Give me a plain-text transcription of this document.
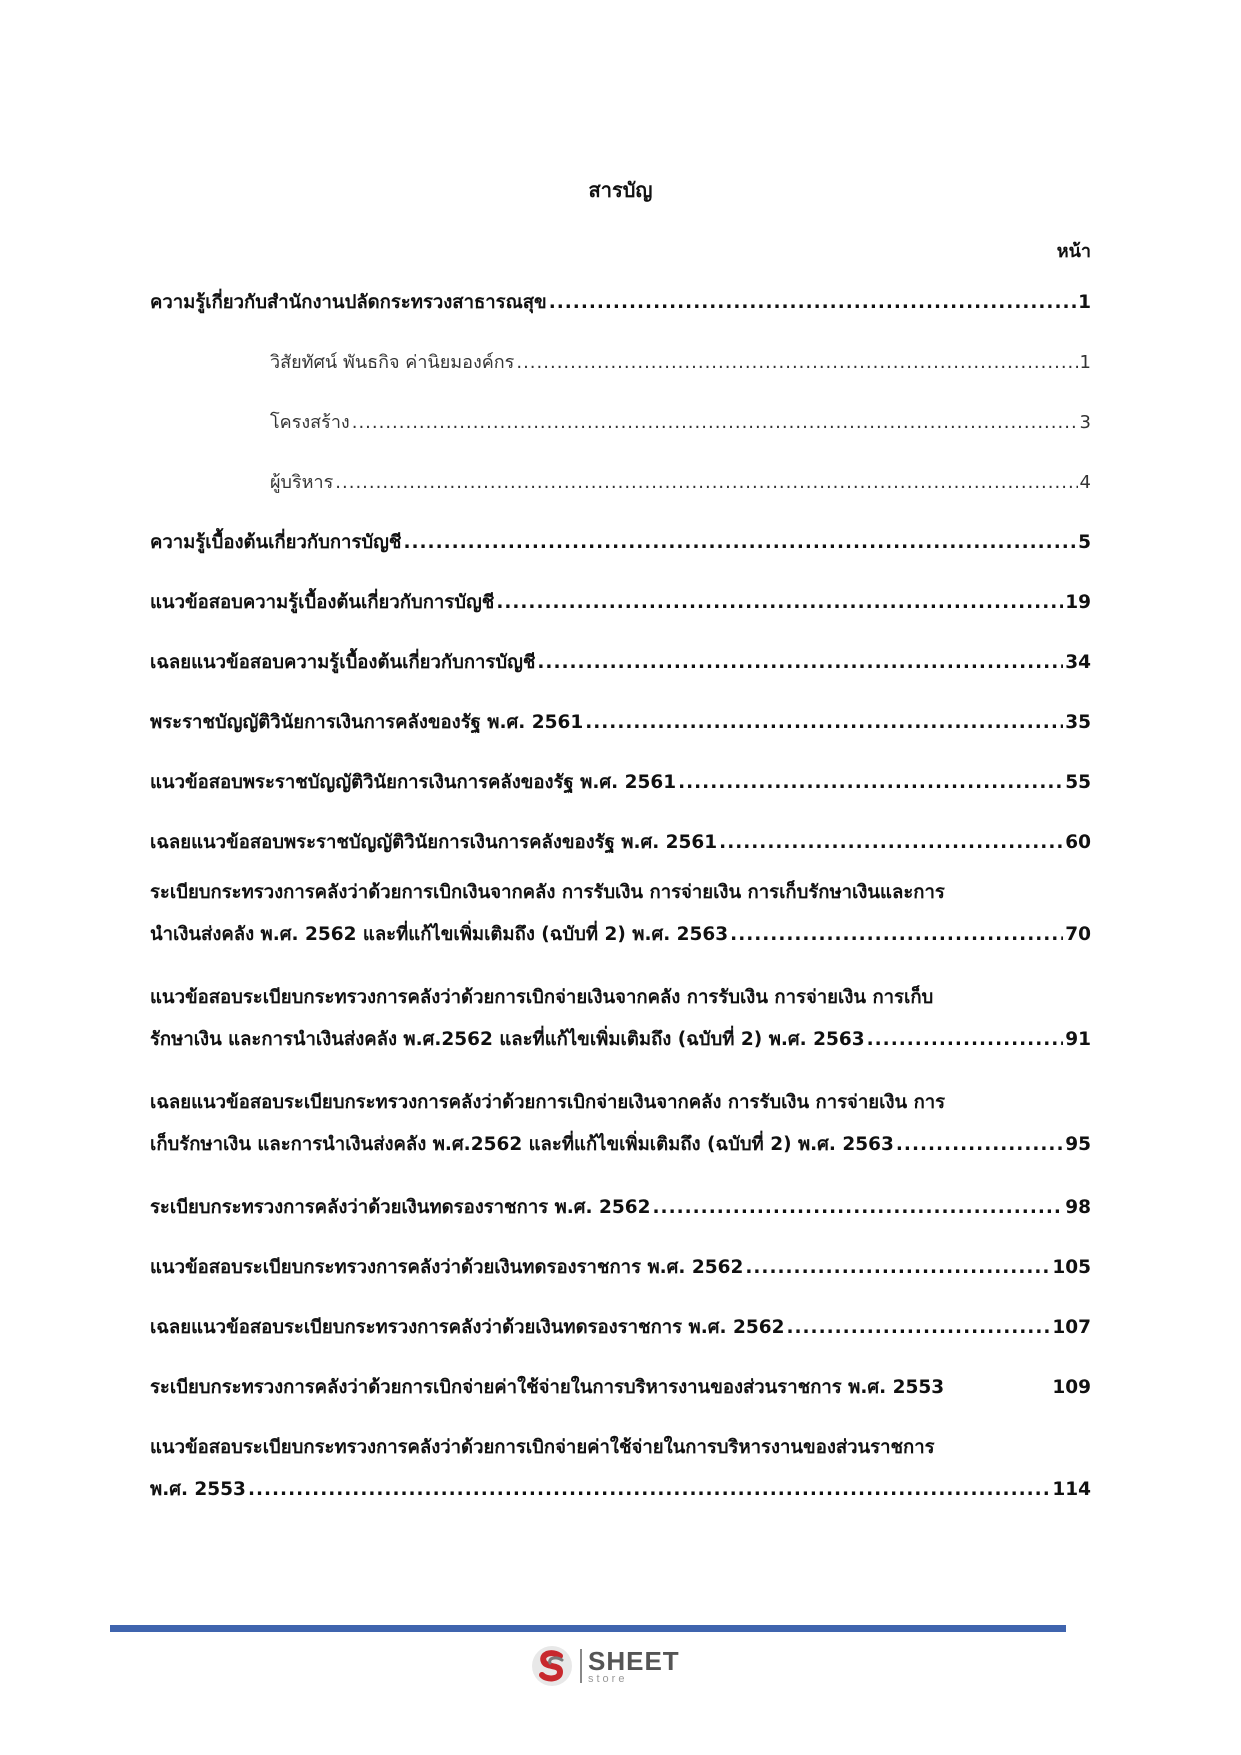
สารบัญ
หน้า
ความรู้เกี่ยวกับสำนักงานปลัดกระทรวงสาธารณสุข .....	1
วิสัยทัศน์ พันธกิจ ค่านิยมองค์กร .....	1
โครงสร้าง .....	3
ผู้บริหาร .....	4
ความรู้เบื้องต้นเกี่ยวกับการบัญชี .....	5
แนวข้อสอบความรู้เบื้องต้นเกี่ยวกับการบัญชี .....	19
เฉลยแนวข้อสอบความรู้เบื้องต้นเกี่ยวกับการบัญชี .....	34
พระราชบัญญัติวินัยการเงินการคลังของรัฐ พ.ศ. 2561 .....	35
แนวข้อสอบพระราชบัญญัติวินัยการเงินการคลังของรัฐ พ.ศ. 2561 .....	55
เฉลยแนวข้อสอบพระราชบัญญัติวินัยการเงินการคลังของรัฐ พ.ศ. 2561 .....	60
ระเบียบกระทรวงการคลังว่าด้วยการเบิกเงินจากคลัง การรับเงิน การจ่ายเงิน การเก็บรักษาเงินและการ
นำเงินส่งคลัง พ.ศ. 2562 และที่แก้ไขเพิ่มเติมถึง (ฉบับที่ 2) พ.ศ. 2563 .....	70
แนวข้อสอบระเบียบกระทรวงการคลังว่าด้วยการเบิกจ่ายเงินจากคลัง การรับเงิน การจ่ายเงิน การเก็บ
รักษาเงิน และการนำเงินส่งคลัง พ.ศ.2562 และที่แก้ไขเพิ่มเติมถึง (ฉบับที่ 2) พ.ศ. 2563 .....	91
เฉลยแนวข้อสอบระเบียบกระทรวงการคลังว่าด้วยการเบิกจ่ายเงินจากคลัง การรับเงิน การจ่ายเงิน การ
เก็บรักษาเงิน และการนำเงินส่งคลัง พ.ศ.2562 และที่แก้ไขเพิ่มเติมถึง (ฉบับที่ 2) พ.ศ. 2563 .....	95
ระเบียบกระทรวงการคลังว่าด้วยเงินทดรองราชการ พ.ศ. 2562 .....	98
แนวข้อสอบระเบียบกระทรวงการคลังว่าด้วยเงินทดรองราชการ พ.ศ. 2562 .....	105
เฉลยแนวข้อสอบระเบียบกระทรวงการคลังว่าด้วยเงินทดรองราชการ พ.ศ. 2562 .....	107
ระเบียบกระทรวงการคลังว่าด้วยการเบิกจ่ายค่าใช้จ่ายในการบริหารงานของส่วนราชการ พ.ศ. 2553	109
แนวข้อสอบระเบียบกระทรวงการคลังว่าด้วยการเบิกจ่ายค่าใช้จ่ายในการบริหารงานของส่วนราชการ
พ.ศ. 2553 .....	114
SHEET
store
